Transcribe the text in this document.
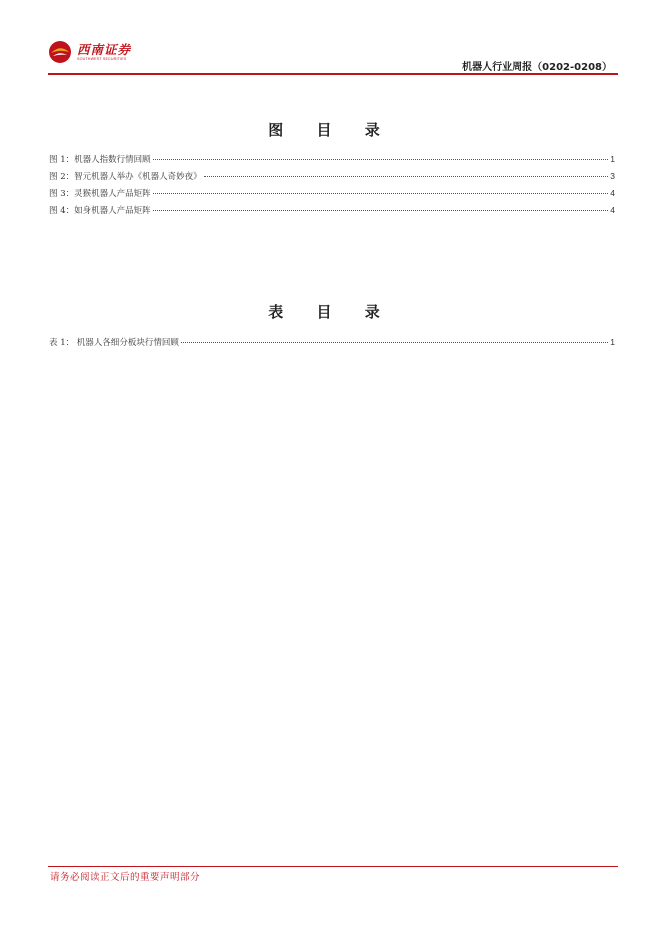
西南证券
SOUTHWEST SECURITIES
机器人行业周报（0202-0208）
图 目 录
图 1：机器人指数行情回顾	1
图 2：智元机器人举办《机器人奇妙夜》	3
图 3：灵猴机器人产品矩阵	4
图 4：如身机器人产品矩阵	4
表 目 录
表 1： 机器人各细分板块行情回顾	1
请务必阅读正文后的重要声明部分
